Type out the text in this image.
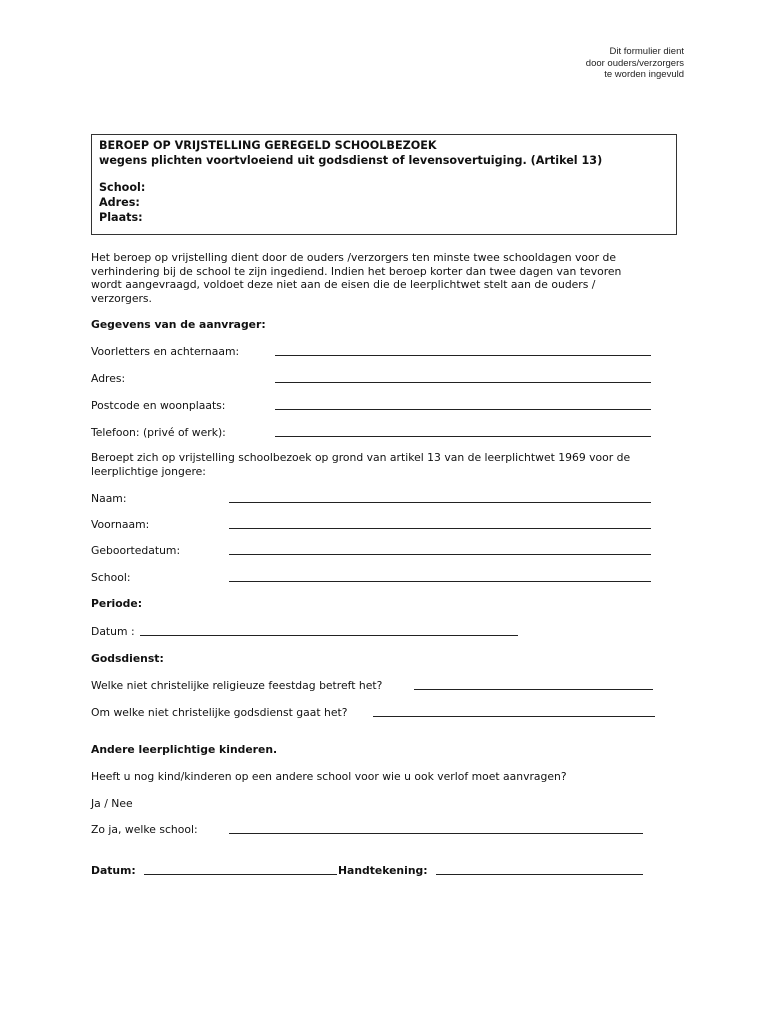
Dit formulier dient
door ouders/verzorgers
te worden ingevuld
BEROEP OP VRIJSTELLING GEREGELD SCHOOLBEZOEK
wegens plichten voortvloeiend uit godsdienst of levensovertuiging. (Artikel 13)
School:
Adres:
Plaats:
Het beroep op vrijstelling dient door de ouders /verzorgers ten minste twee schooldagen voor de
verhindering bij de school te zijn ingediend. Indien het beroep korter dan twee dagen van tevoren
wordt aangevraagd, voldoet deze niet aan de eisen die de leerplichtwet stelt aan de ouders /
verzorgers.
Gegevens van de aanvrager:
Voorletters en achternaam:
Adres:
Postcode en woonplaats:
Telefoon: (privé of werk):
Beroept zich op vrijstelling schoolbezoek op grond van artikel 13 van de leerplichtwet 1969 voor de
leerplichtige jongere:
Naam:
Voornaam:
Geboortedatum:
School:
Periode:
Datum :
Godsdienst:
Welke niet christelijke religieuze feestdag betreft het?
Om welke niet christelijke godsdienst gaat het?
Andere leerplichtige kinderen.
Heeft u nog kind/kinderen op een andere school voor wie u ook verlof moet aanvragen?
Ja / Nee
Zo ja, welke school:
Datum:	Handtekening:
